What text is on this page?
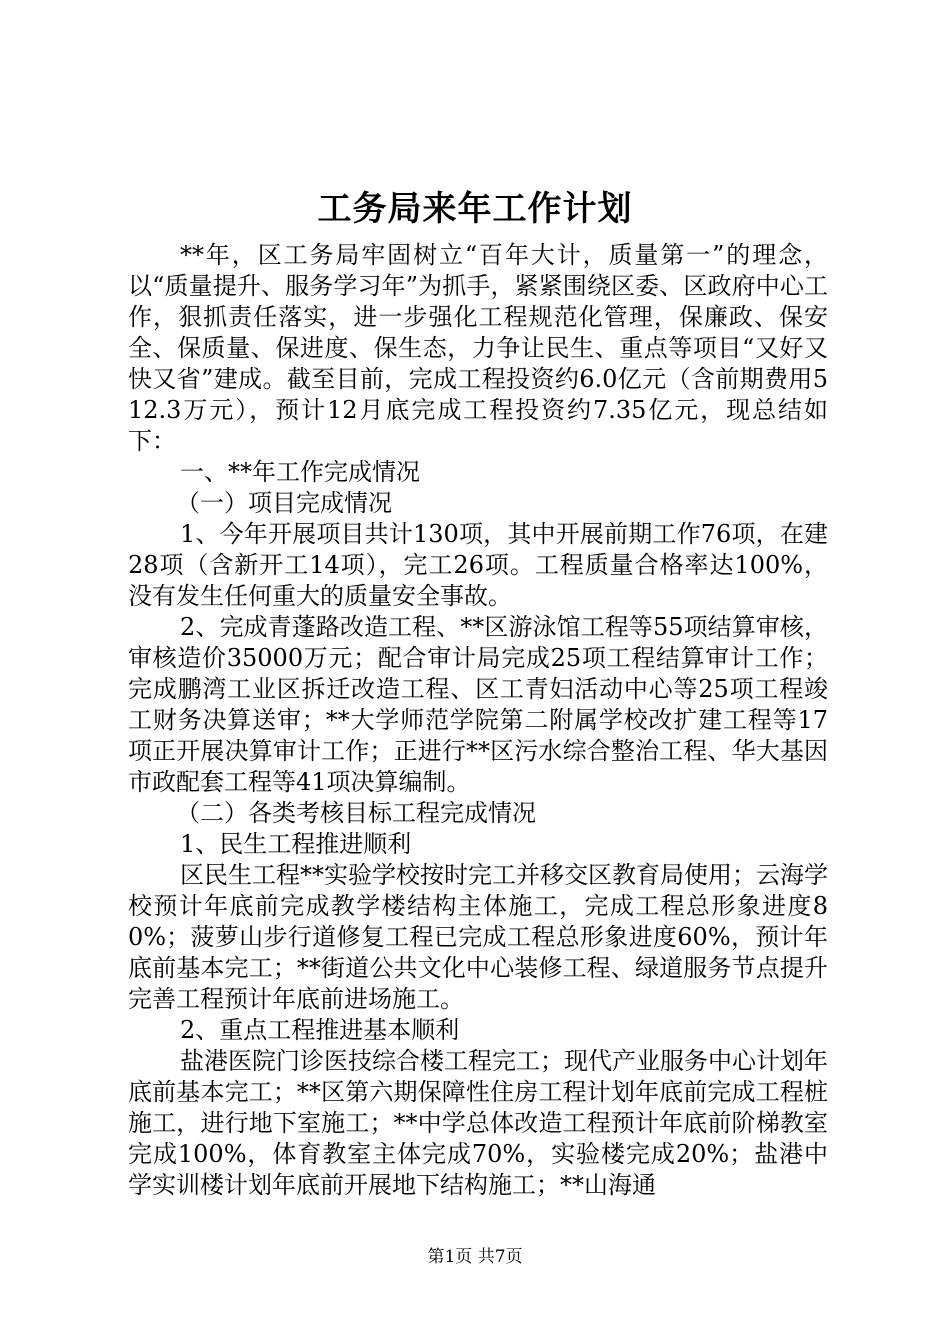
工务局来年工作计划

**年，区工务局牢固树立“百年大计，质量第一”的理念，以“质量提升、服务学习年”为抓手，紧紧围绕区委、区政府中心工作，狠抓责任落实，进一步强化工程规范化管理，保廉政、保安全、保质量、保进度、保生态，力争让民生、重点等项目“又好又快又省”建成。截至目前，完成工程投资约6.0亿元（含前期费用512.3万元），预计12月底完成工程投资约7.35亿元，现总结如下：

一、**年工作完成情况

（一）项目完成情况

1、今年开展项目共计130项，其中开展前期工作76项，在建28项（含新开工14项），完工26项。工程质量合格率达100%，没有发生任何重大的质量安全事故。

2、完成青蓬路改造工程、**区游泳馆工程等55项结算审核，审核造价35000万元；配合审计局完成25项工程结算审计工作；完成鹏湾工业区拆迁改造工程、区工青妇活动中心等25项工程竣工财务决算送审；**大学师范学院第二附属学校改扩建工程等17项正开展决算审计工作；正进行**区污水综合整治工程、华大基因市政配套工程等41项决算编制。

（二）各类考核目标工程完成情况

1、民生工程推进顺利

区民生工程**实验学校按时完工并移交区教育局使用；云海学校预计年底前完成教学楼结构主体施工，完成工程总形象进度80%；菠萝山步行道修复工程已完成工程总形象进度60%，预计年底前基本完工；**街道公共文化中心装修工程、绿道服务节点提升完善工程预计年底前进场施工。

2、重点工程推进基本顺利

盐港医院门诊医技综合楼工程完工；现代产业服务中心计划年底前基本完工；**区第六期保障性住房工程计划年底前完成工程桩施工，进行地下室施工；**中学总体改造工程预计年底前阶梯教室完成100%，体育教室主体完成70%，实验楼完成20%；盐港中学实训楼计划年底前开展地下结构施工；**山海通

第1页 共7页
